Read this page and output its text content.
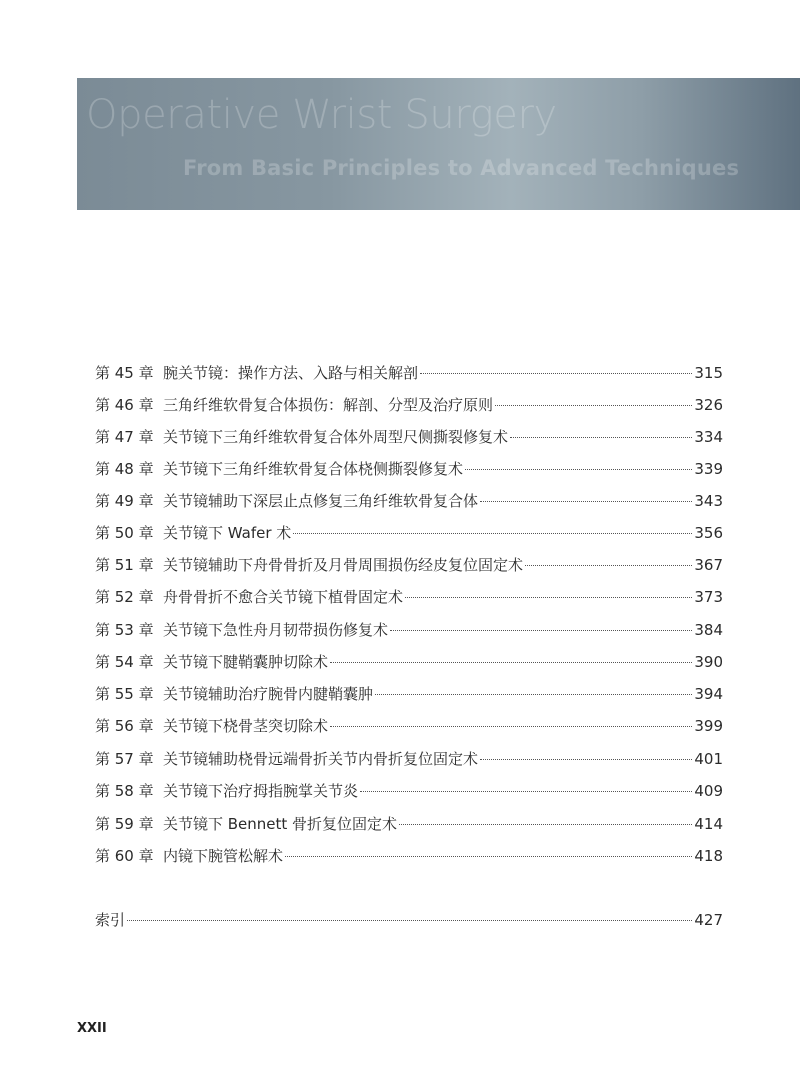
Operative Wrist Surgery
From Basic Principles to Advanced Techniques
第 45 章 腕关节镜：操作方法、入路与相关解剖	315
第 46 章 三角纤维软骨复合体损伤：解剖、分型及治疗原则	326
第 47 章 关节镜下三角纤维软骨复合体外周型尺侧撕裂修复术	334
第 48 章 关节镜下三角纤维软骨复合体桡侧撕裂修复术	339
第 49 章 关节镜辅助下深层止点修复三角纤维软骨复合体	343
第 50 章 关节镜下 Wafer 术	356
第 51 章 关节镜辅助下舟骨骨折及月骨周围损伤经皮复位固定术	367
第 52 章 舟骨骨折不愈合关节镜下植骨固定术	373
第 53 章 关节镜下急性舟月韧带损伤修复术	384
第 54 章 关节镜下腱鞘囊肿切除术	390
第 55 章 关节镜辅助治疗腕骨内腱鞘囊肿	394
第 56 章 关节镜下桡骨茎突切除术	399
第 57 章 关节镜辅助桡骨远端骨折关节内骨折复位固定术	401
第 58 章 关节镜下治疗拇指腕掌关节炎	409
第 59 章 关节镜下 Bennett 骨折复位固定术	414
第 60 章 内镜下腕管松解术	418
索引	427
XXII
